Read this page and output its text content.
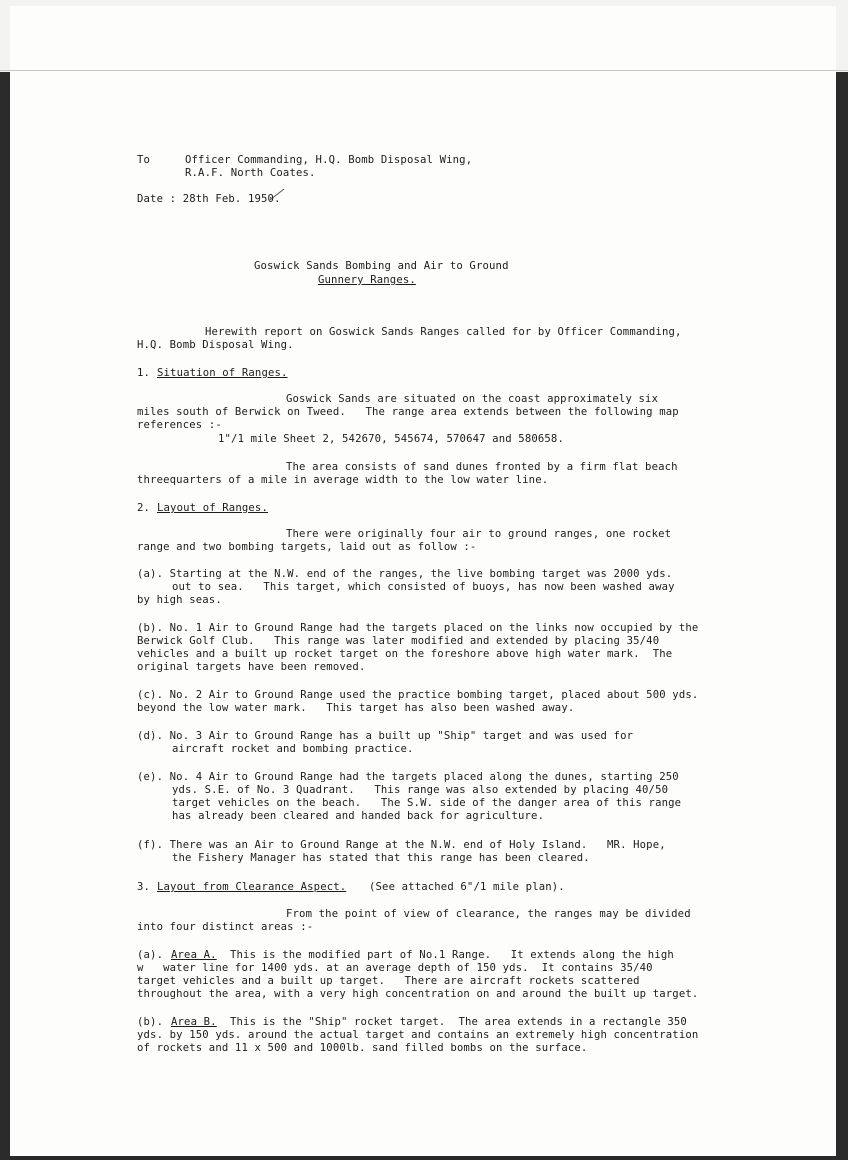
To	Officer Commanding, H.Q. Bomb Disposal Wing,
R.A.F. North Coates.
Date : 28th Feb. 1950.
Goswick Sands Bombing and Air to Ground
Gunnery Ranges.
Herewith report on Goswick Sands Ranges called for by Officer Commanding,
H.Q. Bomb Disposal Wing.
1. Situation of Ranges.
Goswick Sands are situated on the coast approximately six
miles south of Berwick on Tweed.   The range area extends between the following map
references :-
1"/1 mile Sheet 2, 542670, 545674, 570647 and 580658.
The area consists of sand dunes fronted by a firm flat beach
threequarters of a mile in average width to the low water line.
2. Layout of Ranges.
There were originally four air to ground ranges, one rocket
range and two bombing targets, laid out as follow :-
(a). Starting at the N.W. end of the ranges, the live bombing target was 2000 yds.
out to sea.   This target, which consisted of buoys, has now been washed away
by high seas.
(b). No. 1 Air to Ground Range had the targets placed on the links now occupied by the
Berwick Golf Club.   This range was later modified and extended by placing 35/40
vehicles and a built up rocket target on the foreshore above high water mark.  The
original targets have been removed.
(c). No. 2 Air to Ground Range used the practice bombing target, placed about 500 yds.
beyond the low water mark.   This target has also been washed away.
(d). No. 3 Air to Ground Range has a built up "Ship" target and was used for
aircraft rocket and bombing practice.
(e). No. 4 Air to Ground Range had the targets placed along the dunes, starting 250
yds. S.E. of No. 3 Quadrant.   This range was also extended by placing 40/50
target vehicles on the beach.   The S.W. side of the danger area of this range
has already been cleared and handed back for agriculture.
(f). There was an Air to Ground Range at the N.W. end of Holy Island.   MR. Hope,
the Fishery Manager has stated that this range has been cleared.
3. Layout from Clearance Aspect. (See attached 6"/1 mile plan).
From the point of view of clearance, the ranges may be divided
into four distinct areas :-
(a). Area A. This is the modified part of No.1 Range.   It extends along the high
w   water line for 1400 yds. at an average depth of 150 yds.  It contains 35/40
target vehicles and a built up target.   There are aircraft rockets scattered
throughout the area, with a very high concentration on and around the built up target.
(b). Area B. This is the "Ship" rocket target.  The area extends in a rectangle 350
yds. by 150 yds. around the actual target and contains an extremely high concentration
of rockets and 11 x 500 and 1000lb. sand filled bombs on the surface.
